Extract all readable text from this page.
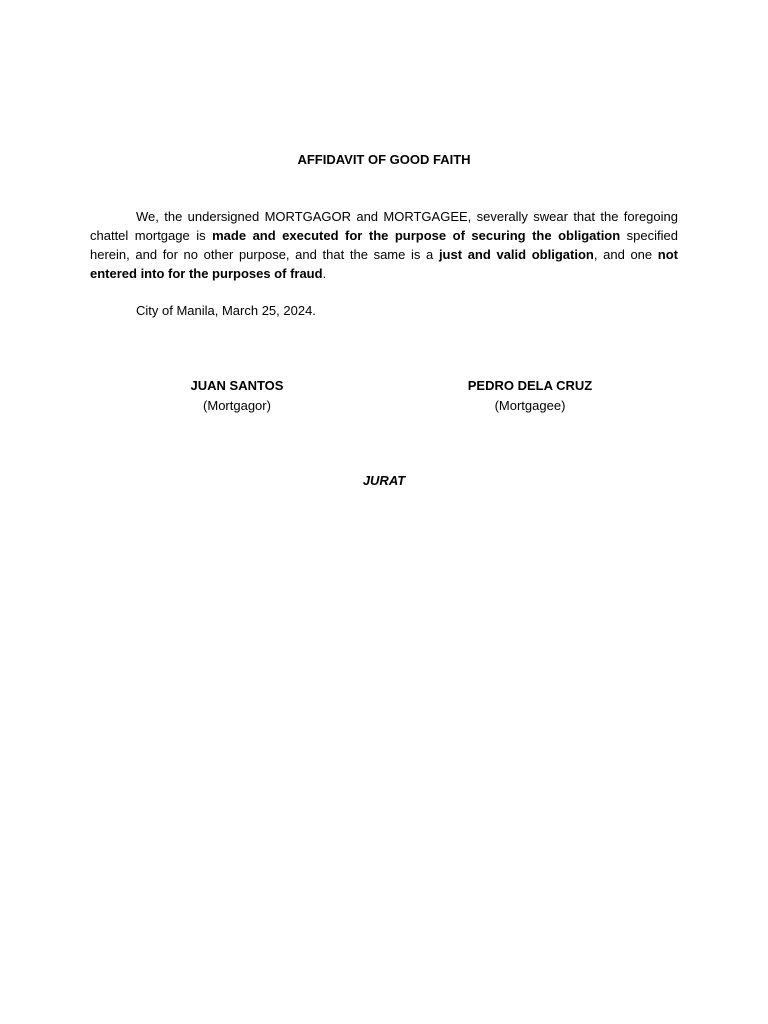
AFFIDAVIT OF GOOD FAITH

We, the undersigned MORTGAGOR and MORTGAGEE, severally swear that the foregoing chattel mortgage is made and executed for the purpose of securing the obligation specified herein, and for no other purpose, and that the same is a just and valid obligation, and one not entered into for the purposes of fraud.

City of Manila, March 25, 2024.
JUAN SANTOS
(Mortgagor)
PEDRO DELA CRUZ
(Mortgagee)
JURAT
